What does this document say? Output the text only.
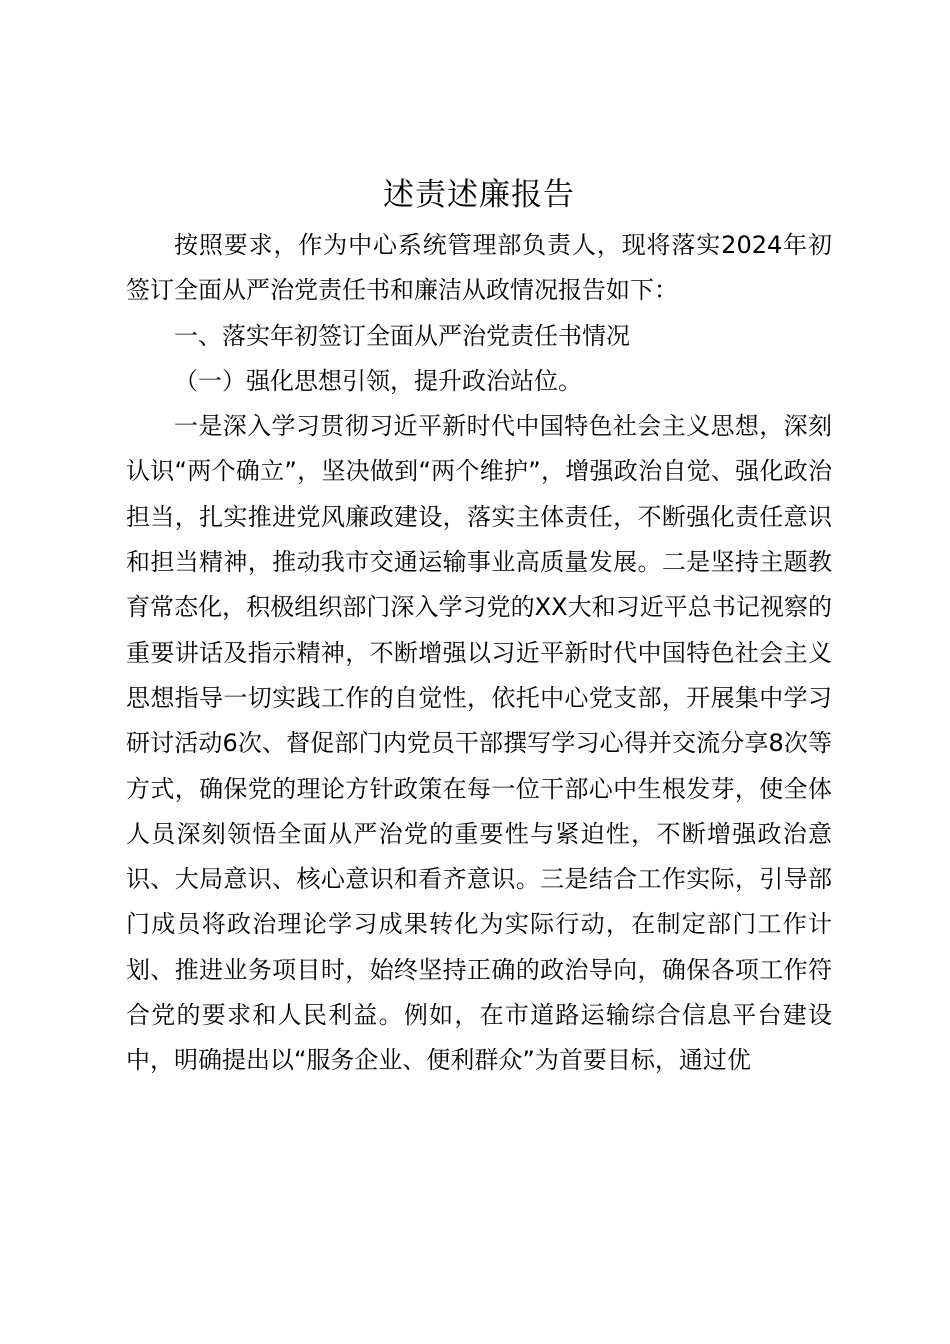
述责述廉报告

按照要求，作为中心系统管理部负责人，现将落实2024年初签订全面从严治党责任书和廉洁从政情况报告如下：

一、落实年初签订全面从严治党责任书情况

（一）强化思想引领，提升政治站位。

一是深入学习贯彻习近平新时代中国特色社会主义思想，深刻认识“两个确立”，坚决做到“两个维护”，增强政治自觉、强化政治担当，扎实推进党风廉政建设，落实主体责任，不断强化责任意识和担当精神，推动我市交通运输事业高质量发展。二是坚持主题教育常态化，积极组织部门深入学习党的XX大和习近平总书记视察的重要讲话及指示精神，不断增强以习近平新时代中国特色社会主义思想指导一切实践工作的自觉性，依托中心党支部，开展集中学习研讨活动6次、督促部门内党员干部撰写学习心得并交流分享8次等方式，确保党的理论方针政策在每一位干部心中生根发芽，使全体人员深刻领悟全面从严治党的重要性与紧迫性，不断增强政治意识、大局意识、核心意识和看齐意识。三是结合工作实际，引导部门成员将政治理论学习成果转化为实际行动，在制定部门工作计划、推进业务项目时，始终坚持正确的政治导向，确保各项工作符合党的要求和人民利益。例如，在市道路运输综合信息平台建设中，明确提出以“服务企业、便利群众”为首要目标，通过优
